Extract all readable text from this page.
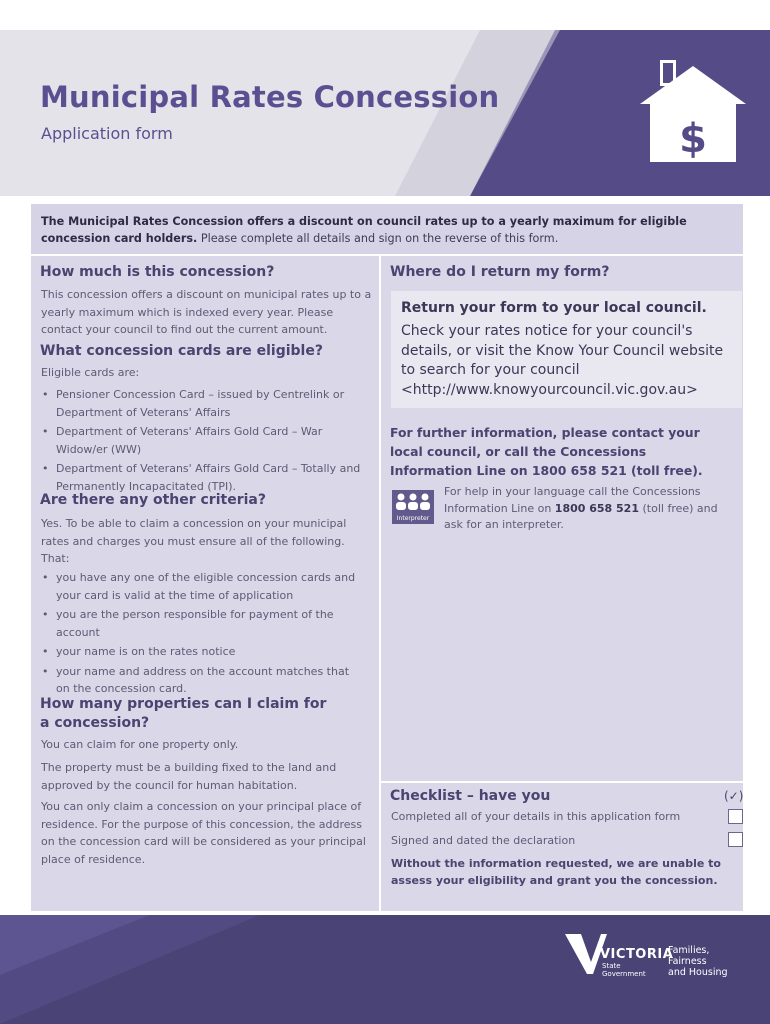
Municipal Rates Concession

Application form	$
The Municipal Rates Concession offers a discount on council rates up to a yearly maximum for eligible concession card holders. Please complete all details and sign on the reverse of this form.
How much is this concession?

This concession offers a discount on municipal rates up to a yearly maximum which is indexed every year. Please contact your council to find out the current amount.

What concession cards are eligible?

Eligible cards are:

• Pensioner Concession Card – issued by Centrelink or Department of Veterans' Affairs
• Department of Veterans' Affairs Gold Card – War Widow/er (WW)
• Department of Veterans' Affairs Gold Card – Totally and Permanently Incapacitated (TPI).
Are there any other criteria?

Yes. To be able to claim a concession on your municipal rates and charges you must ensure all of the following. That:

• you have any one of the eligible concession cards and your card is valid at the time of application
• you are the person responsible for payment of the account
• your name is on the rates notice
• your name and address on the account matches that on the concession card.
How many properties can I claim for a concession?

You can claim for one property only.

The property must be a building fixed to the land and approved by the council for human habitation.

You can only claim a concession on your principal place of residence. For the purpose of this concession, the address on the concession card will be considered as your principal place of residence.

Where do I return my form?

Return your form to your local council.

Check your rates notice for your council's details, or visit the Know Your Council website to search for your council <http://www.knowyourcouncil.vic.gov.au>

For further information, please contact your local council, or call the Concessions Information Line on 1800 658 521 (toll free).

Interpreter

For help in your language call the Concessions Information Line on 1800 658 521 (toll free) and ask for an interpreter.

Checklist – have you	(✓)
Completed all of your details in this application form
Signed and dated the declaration

Without the information requested, we are unable to assess your eligibility and grant you the concession.

VICTORIA
State
Government
Families,
Fairness
and Housing
